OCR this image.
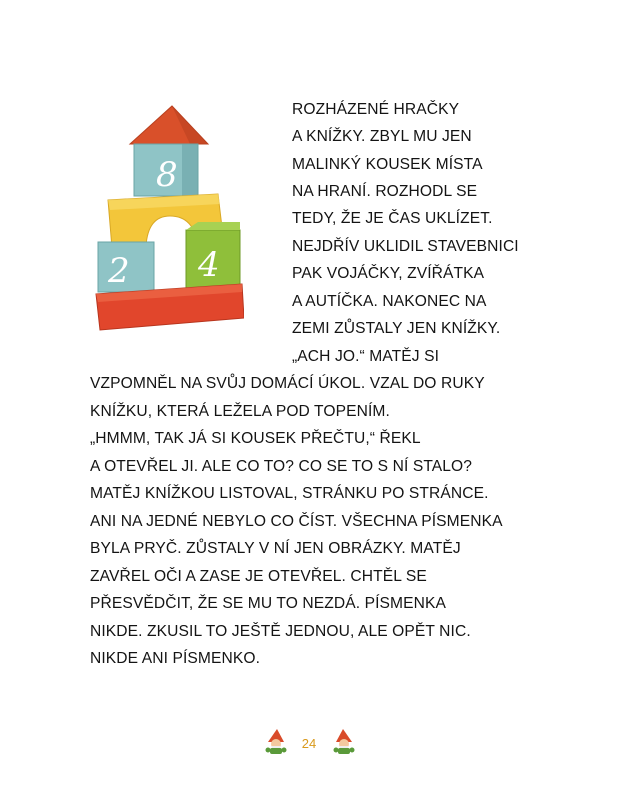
8
2 4
ROZHÁZENÉ HRAČKY
A KNÍŽKY. ZBYL MU JEN
MALINKÝ KOUSEK MÍSTA
NA HRANÍ. ROZHODL SE
TEDY, ŽE JE ČAS UKLÍZET.
NEJDŘÍV UKLIDIL STAVEBNICI
PAK VOJÁČKY, ZVÍŘÁTKA
A AUTÍČKA. NAKONEC NA
ZEMI ZŮSTALY JEN KNÍŽKY.
„ACH JO.“ MATĚJ SI
VZPOMNĚL NA SVŮJ DOMÁCÍ ÚKOL. VZAL DO RUKY
KNÍŽKU, KTERÁ LEŽELA POD TOPENÍM.
„HMMM, TAK JÁ SI KOUSEK PŘEČTU,“ ŘEKL
A OTEVŘEL JI. ALE CO TO? CO SE TO S NÍ STALO?
MATĚJ KNÍŽKOU LISTOVAL, STRÁNKU PO STRÁNCE.
ANI NA JEDNÉ NEBYLO CO ČÍST. VŠECHNA PÍSMENKA
BYLA PRYČ. ZŮSTALY V NÍ JEN OBRÁZKY. MATĚJ
ZAVŘEL OČI A ZASE JE OTEVŘEL. CHTĚL SE
PŘESVĚDČIT, ŽE SE MU TO NEZDÁ. PÍSMENKA
NIKDE. ZKUSIL TO JEŠTĚ JEDNOU, ALE OPĚT NIC.
NIKDE ANI PÍSMENKO.
24
